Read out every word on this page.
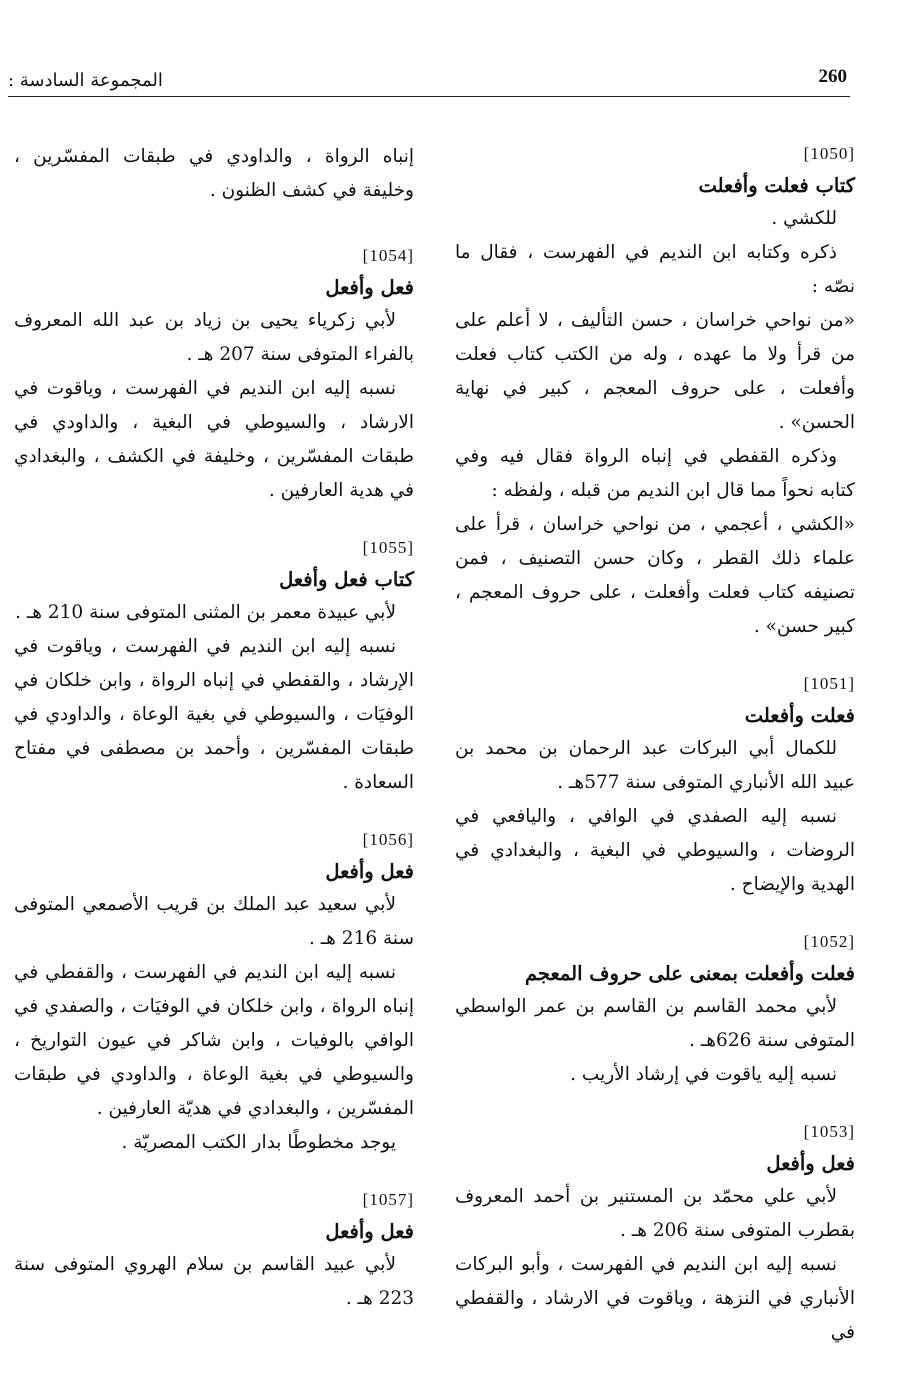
المجموعة السادسة :	260
[1050]
كتاب فعلت وأفعلت
للكشي .
ذكره وكتابه ابن النديم في الفهرست ، فقال ما نصّه :
«من نواحي خراسان ، حسن التأليف ، لا أعلم على من قرأ ولا ما عهده ، وله من الكتب كتاب فعلت وأفعلت ، على حروف المعجم ، كبير في نهاية الحسن» .
وذكره القفطي في إنباه الرواة فقال فيه وفي كتابه نحواً مما قال ابن النديم من قبله ، ولفظه :
«الكشي ، أعجمي ، من نواحي خراسان ، قرأ على علماء ذلك القطر ، وكان حسن التصنيف ، فمن تصنيفه كتاب فعلت وأفعلت ، على حروف المعجم ، كبير حسن» .
[1051]
فعلت وأفعلت
للكمال أبي البركات عبد الرحمان بن محمد بن عبيد الله الأنباري المتوفى سنة 577هـ .
نسبه إليه الصفدي في الوافي ، واليافعي في الروضات ، والسيوطي في البغية ، والبغدادي في الهدية والإيضاح .
[1052]
فعلت وأفعلت بمعنى على حروف المعجم
لأبي محمد القاسم بن القاسم بن عمر الواسطي المتوفى سنة 626هـ .
نسبه إليه ياقوت في إرشاد الأريب .
[1053]
فعل وأفعل
لأبي علي محمّد بن المستنير بن أحمد المعروف بقطرب المتوفى سنة 206 هـ .
نسبه إليه ابن النديم في الفهرست ، وأبو البركات الأنباري في النزهة ، وياقوت في الارشاد ، والقفطي في
إنباه الرواة ، والداودي في طبقات المفسّرين ، وخليفة في كشف الظنون .
[1054]
فعل وأفعل
لأبي زكرياء يحيى بن زياد بن عبد الله المعروف بالفراء المتوفى سنة 207 هـ .
نسبه إليه ابن النديم في الفهرست ، وياقوت في الارشاد ، والسيوطي في البغية ، والداودي في طبقات المفسّرين ، وخليفة في الكشف ، والبغدادي في هدية العارفين .
[1055]
كتاب فعل وأفعل
لأبي عبيدة معمر بن المثنى المتوفى سنة 210 هـ .
نسبه إليه ابن النديم في الفهرست ، وياقوت في الإرشاد ، والقفطي في إنباه الرواة ، وابن خلكان في الوفيَات ، والسيوطي في بغية الوعاة ، والداودي في طبقات المفسّرين ، وأحمد بن مصطفى في مفتاح السعادة .
[1056]
فعل وأفعل
لأبي سعيد عبد الملك بن قريب الأصمعي المتوفى سنة 216 هـ .
نسبه إليه ابن النديم في الفهرست ، والقفطي في إنباه الرواة ، وابن خلكان في الوفيَات ، والصفدي في الوافي بالوفيات ، وابن شاكر في عيون التواريخ ، والسيوطي في بغية الوعاة ، والداودي في طبقات المفسّرين ، والبغدادي في هديّة العارفين .
يوجد مخطوطًا بدار الكتب المصريّة .
[1057]
فعل وأفعل
لأبي عبيد القاسم بن سلام الهروي المتوفى سنة 223 هـ .
